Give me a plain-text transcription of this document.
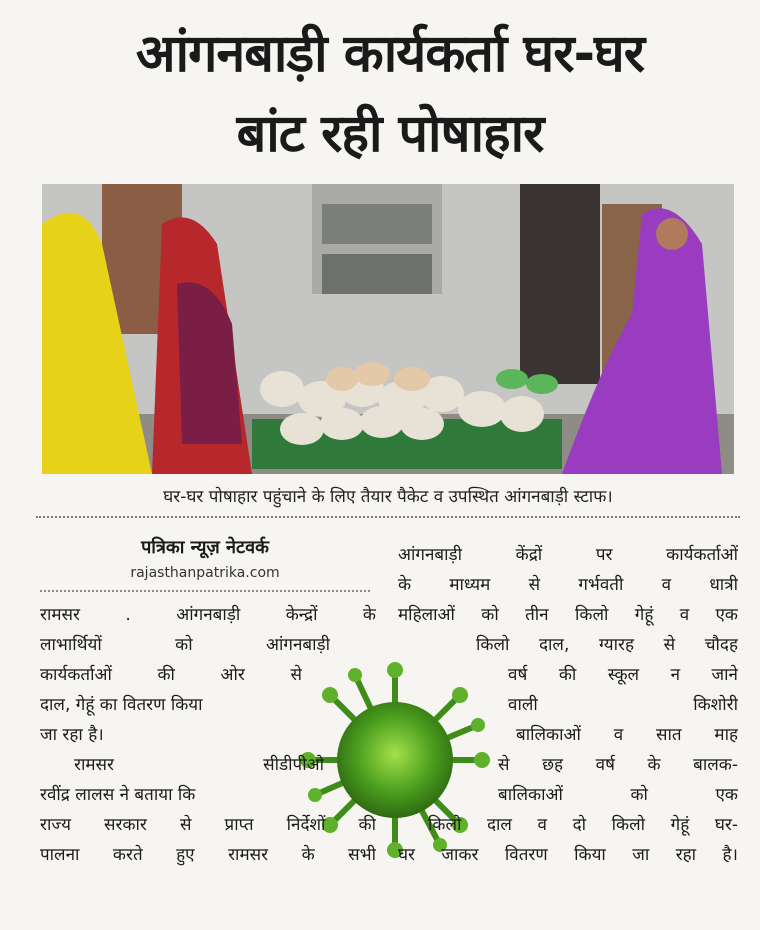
आंगनबाड़ी कार्यकर्ता घर-घर
बांट रही पोषाहार
घर-घर पोषाहार पहुंचाने के लिए तैयार पैकेट व उपस्थित आंगनबाड़ी स्टाफ।
पत्रिका न्यूज़ नेटवर्क
rajasthanpatrika.com
रामसर . आंगनबाड़ी केन्द्रों के
लाभार्थियों को आंगनबाड़ी
कार्यकर्ताओं की ओर से
दाल, गेहूं का वितरण किया
जा रहा है।
रामसर सीडीपीओ
रवींद्र लालस ने बताया कि
राज्य सरकार से प्राप्त निर्देशों की
पालना करते हुए रामसर के सभी
आंगनबाड़ी केंद्रों पर कार्यकर्ताओं
के माध्यम से गर्भवती व धात्री
महिलाओं को तीन किलो गेहूं व एक
किलो दाल, ग्यारह से चौदह
वर्ष की स्कूल न जाने
वाली किशोरी
बालिकाओं व सात माह
से छह वर्ष के बालक-
बालिकाओं को एक
किलो दाल व दो किलो गेहूं घर-
घर जाकर वितरण किया जा रहा है।
